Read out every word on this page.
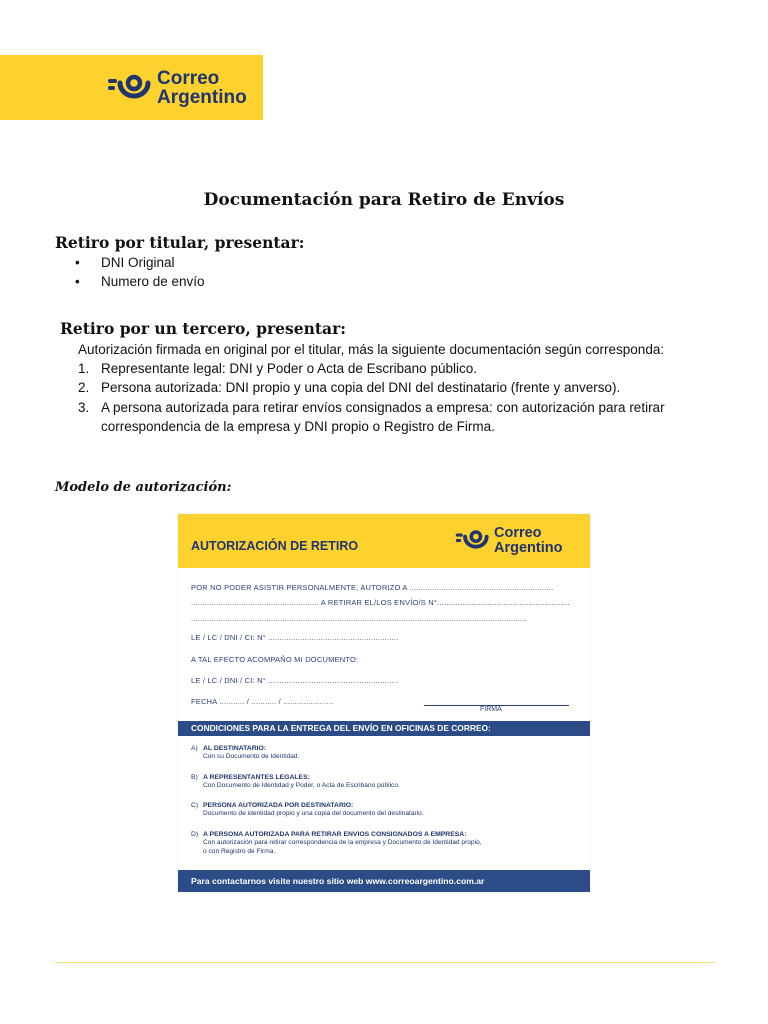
Correo
Argentino
Documentación para Retiro de Envíos
Retiro por titular, presentar:
• DNI Original
• Numero de envío
Retiro por un tercero, presentar:
Autorización firmada en original por el titular, más la siguiente documentación según corresponda:
1. Representante legal: DNI y Poder o Acta de Escribano público.
2. Persona autorizada: DNI propio y una copia del DNI del destinatario (frente y anverso).
3. A persona autorizada para retirar envíos consignados a empresa: con autorización para retirar correspondencia de la empresa y DNI propio o Registro de Firma.
Modelo de autorización:
AUTORIZACIÓN DE RETIRO
Correo
Argentino
POR NO PODER ASISTIR PERSONALMENTE, AUTORIZO A ...............................................................
........................................................ A RETIRAR EL/LOS ENVÍO/S N°..........................................................
...................................................................................................................................................
LE / LC / DNI / CI: N° .........................................................
A TAL EFECTO ACOMPAÑO MI DOCUMENTO:
LE / LC / DNI / CI: N° .........................................................
FECHA ........... / ........... / ......................
FIRMA
CONDICIONES PARA LA ENTREGA DEL ENVÍO EN OFICINAS DE CORREO:
A) AL DESTINATARIO:
Con su Documento de Identidad.
B) A REPRESENTANTES LEGALES:
Con Documento de Identidad y Poder, o Acta de Escribano público.
C) PERSONA AUTORIZADA POR DESTINATARIO:
Documento de identidad propio y una copia del documento del destinatario.
D) A PERSONA AUTORIZADA PARA RETIRAR ENVIOS CONSIGNADOS A EMPRESA:
Con autorización para retirar correspondencia de la empresa y Documento de Identidad propio,
o con Registro de Firma.
Para contactarnos visite nuestro sitio web www.correoargentino.com.ar
